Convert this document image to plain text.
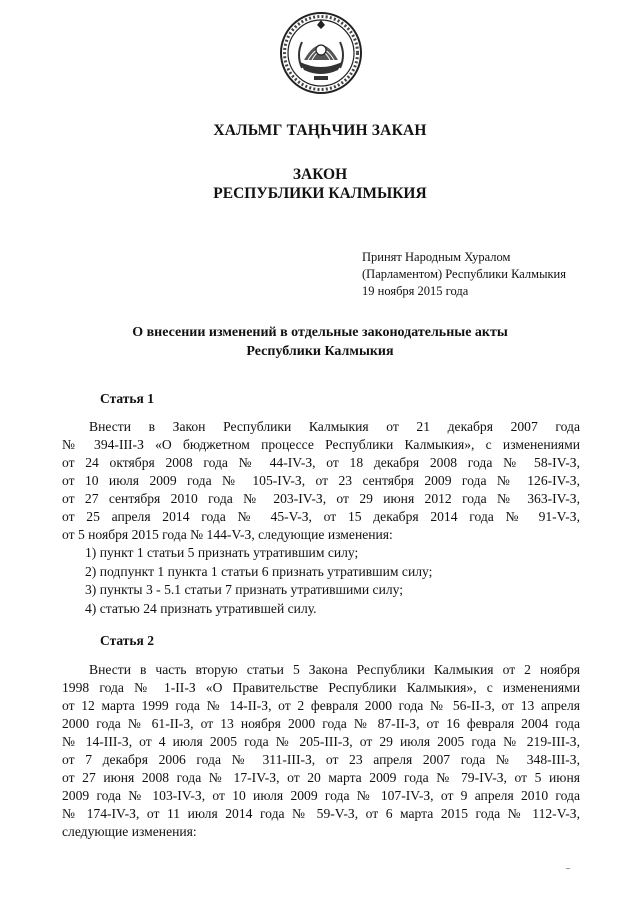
ХАЛЬМГ ТАҢҺЧИН ЗАКАН
ЗАКОН
РЕСПУБЛИКИ КАЛМЫКИЯ
Принят Народным Хуралом
(Парламентом) Республики Калмыкия
19 ноября 2015 года
О внесении изменений в отдельные законодательные акты
Республики Калмыкия
Статья 1
Внести в Закон Республики Калмыкия от 21 декабря 2007 года
№ 394-III-З «О бюджетном процессе Республики Калмыкия», с изменениями
от 24 октября 2008 года № 44-IV-З, от 18 декабря 2008 года № 58-IV-З,
от 10 июля 2009 года № 105-IV-З, от 23 сентября 2009 года № 126-IV-З,
от 27 сентября 2010 года № 203-IV-З, от 29 июня 2012 года № 363-IV-З,
от 25 апреля 2014 года № 45-V-З, от 15 декабря 2014 года № 91-V-З,
от 5 ноября 2015 года № 144-V-З, следующие изменения:
1) пункт 1 статьи 5 признать утратившим силу;
2) подпункт 1 пункта 1 статьи 6 признать утратившим силу;
3) пункты 3 - 5.1 статьи 7 признать утратившими силу;
4) статью 24 признать утратившей силу.
Статья 2
Внести в часть вторую статьи 5 Закона Республики Калмыкия от 2 ноября
1998 года № 1-II-З «О Правительстве Республики Калмыкия», с изменениями
от 12 марта 1999 года № 14-II-З, от 2 февраля 2000 года № 56-II-З, от 13 апреля
2000 года № 61-II-З, от 13 ноября 2000 года № 87-II-З, от 16 февраля 2004 года
№ 14-III-З, от 4 июля 2005 года № 205-III-З, от 29 июля 2005 года № 219-III-З,
от 7 декабря 2006 года № 311-III-З, от 23 апреля 2007 года № 348-III-З,
от 27 июня 2008 года № 17-IV-З, от 20 марта 2009 года № 79-IV-З, от 5 июня
2009 года № 103-IV-З, от 10 июля 2009 года № 107-IV-З, от 9 апреля 2010 года
№ 174-IV-З, от 11 июля 2014 года № 59-V-З, от 6 марта 2015 года № 112-V-З,
следующие изменения:
